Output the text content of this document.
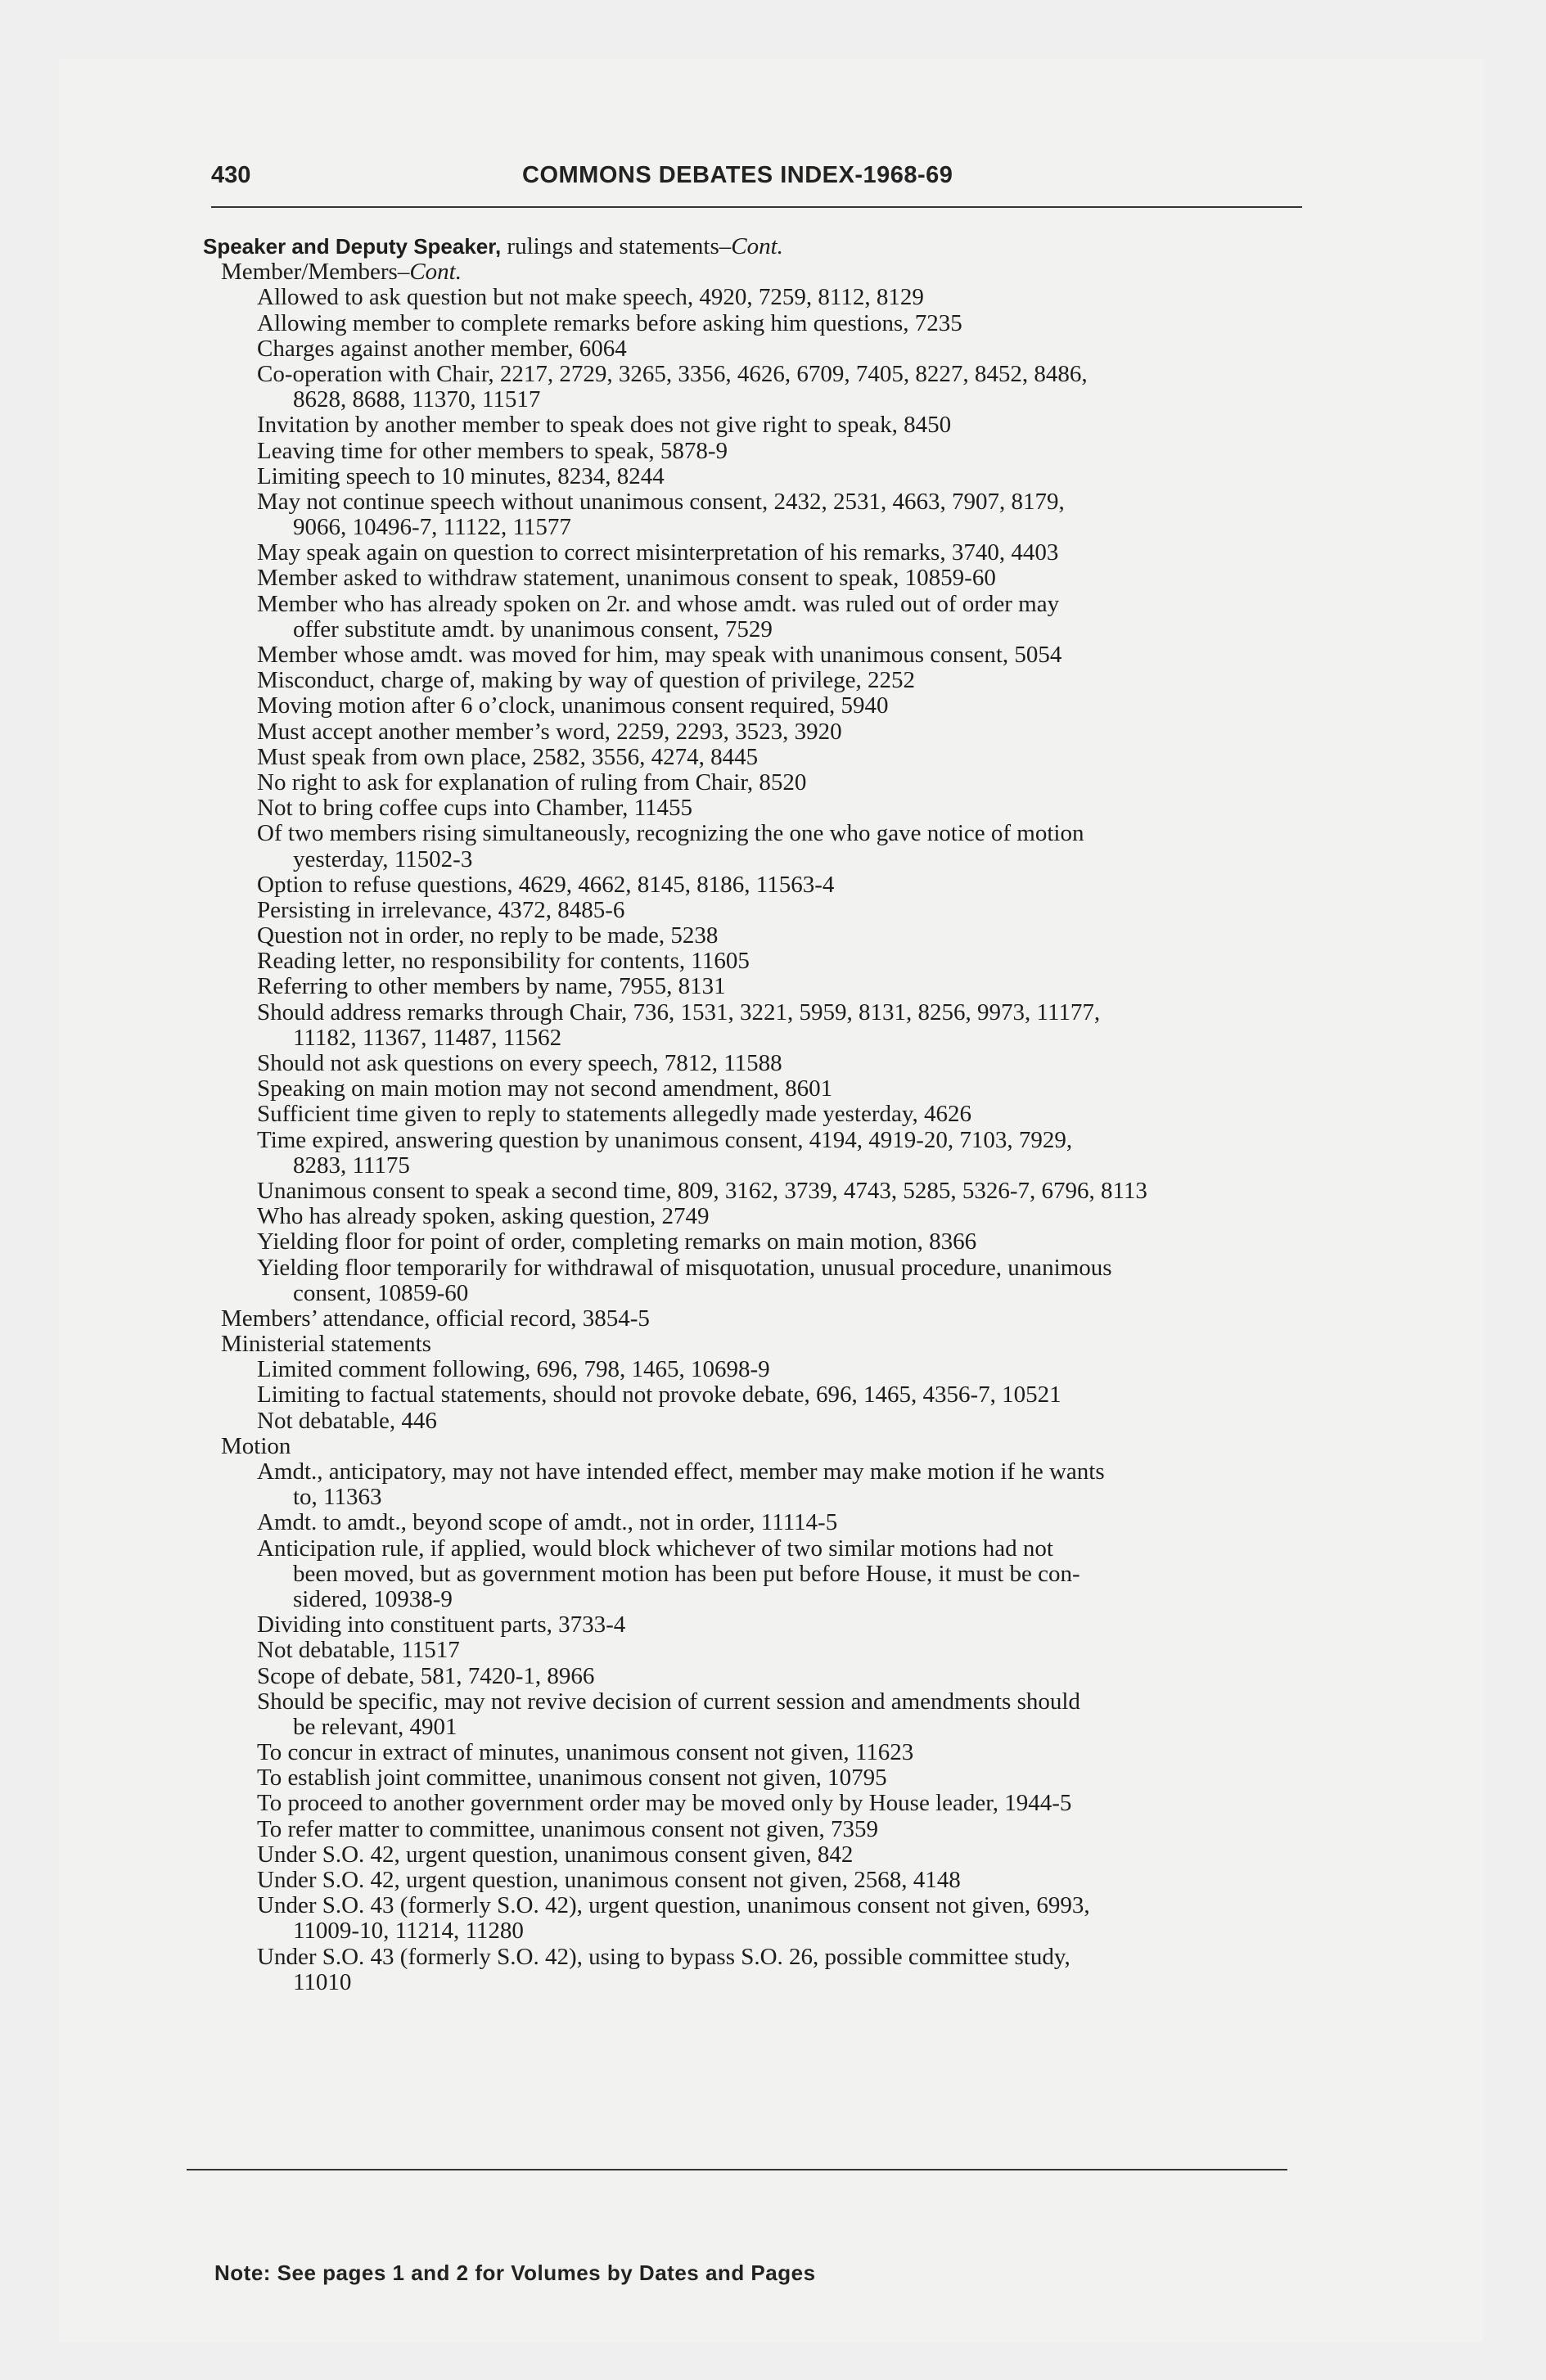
430	COMMONS DEBATES INDEX-1968-69
Speaker and Deputy Speaker, rulings and statements–Cont.
Member/Members–Cont.
Allowed to ask question but not make speech, 4920, 7259, 8112, 8129
Allowing member to complete remarks before asking him questions, 7235
Charges against another member, 6064
Co-operation with Chair, 2217, 2729, 3265, 3356, 4626, 6709, 7405, 8227, 8452, 8486,
8628, 8688, 11370, 11517
Invitation by another member to speak does not give right to speak, 8450
Leaving time for other members to speak, 5878-9
Limiting speech to 10 minutes, 8234, 8244
May not continue speech without unanimous consent, 2432, 2531, 4663, 7907, 8179,
9066, 10496-7, 11122, 11577
May speak again on question to correct misinterpretation of his remarks, 3740, 4403
Member asked to withdraw statement, unanimous consent to speak, 10859-60
Member who has already spoken on 2r. and whose amdt. was ruled out of order may
offer substitute amdt. by unanimous consent, 7529
Member whose amdt. was moved for him, may speak with unanimous consent, 5054
Misconduct, charge of, making by way of question of privilege, 2252
Moving motion after 6 o’clock, unanimous consent required, 5940
Must accept another member’s word, 2259, 2293, 3523, 3920
Must speak from own place, 2582, 3556, 4274, 8445
No right to ask for explanation of ruling from Chair, 8520
Not to bring coffee cups into Chamber, 11455
Of two members rising simultaneously, recognizing the one who gave notice of motion
yesterday, 11502-3
Option to refuse questions, 4629, 4662, 8145, 8186, 11563-4
Persisting in irrelevance, 4372, 8485-6
Question not in order, no reply to be made, 5238
Reading letter, no responsibility for contents, 11605
Referring to other members by name, 7955, 8131
Should address remarks through Chair, 736, 1531, 3221, 5959, 8131, 8256, 9973, 11177,
11182, 11367, 11487, 11562
Should not ask questions on every speech, 7812, 11588
Speaking on main motion may not second amendment, 8601
Sufficient time given to reply to statements allegedly made yesterday, 4626
Time expired, answering question by unanimous consent, 4194, 4919-20, 7103, 7929,
8283, 11175
Unanimous consent to speak a second time, 809, 3162, 3739, 4743, 5285, 5326-7, 6796, 8113
Who has already spoken, asking question, 2749
Yielding floor for point of order, completing remarks on main motion, 8366
Yielding floor temporarily for withdrawal of misquotation, unusual procedure, unanimous
consent, 10859-60
Members’ attendance, official record, 3854-5
Ministerial statements
Limited comment following, 696, 798, 1465, 10698-9
Limiting to factual statements, should not provoke debate, 696, 1465, 4356-7, 10521
Not debatable, 446
Motion
Amdt., anticipatory, may not have intended effect, member may make motion if he wants
to, 11363
Amdt. to amdt., beyond scope of amdt., not in order, 11114-5
Anticipation rule, if applied, would block whichever of two similar motions had not
been moved, but as government motion has been put before House, it must be con-
sidered, 10938-9
Dividing into constituent parts, 3733-4
Not debatable, 11517
Scope of debate, 581, 7420-1, 8966
Should be specific, may not revive decision of current session and amendments should
be relevant, 4901
To concur in extract of minutes, unanimous consent not given, 11623
To establish joint committee, unanimous consent not given, 10795
To proceed to another government order may be moved only by House leader, 1944-5
To refer matter to committee, unanimous consent not given, 7359
Under S.O. 42, urgent question, unanimous consent given, 842
Under S.O. 42, urgent question, unanimous consent not given, 2568, 4148
Under S.O. 43 (formerly S.O. 42), urgent question, unanimous consent not given, 6993,
11009-10, 11214, 11280
Under S.O. 43 (formerly S.O. 42), using to bypass S.O. 26, possible committee study,
11010
Note: See pages 1 and 2 for Volumes by Dates and Pages
